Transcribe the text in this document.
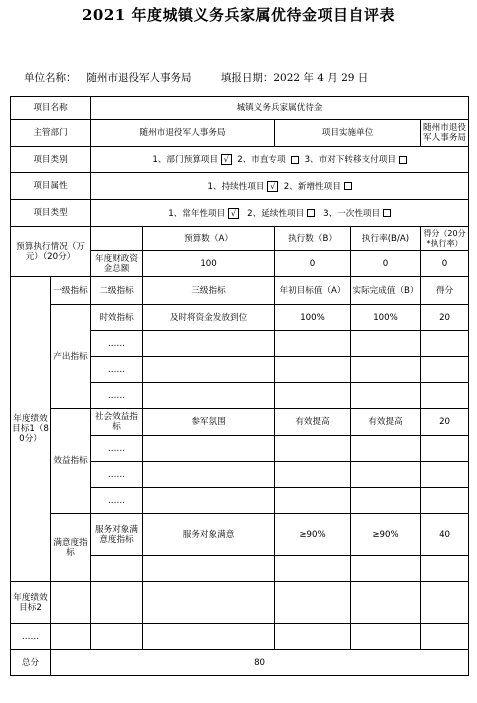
2021 年度城镇义务兵家属优待金项目自评表
单位名称： 随州市退役军人事务局	填报日期：2022 年 4 月 29 日
项目名称		城镇义务兵家属优待金				
主管部门		随州市退役军人事务局		项目实施单位		随州市退役军人事务局
项目类别		1、部门预算项目 √ 2、市直专项 3、市对下转移支付项目				
项目属性		1、持续性项目 √ 2、新增性项目				
项目类型		1、常年性项目 √ 2、延续性项目 3、一次性项目				
预算执行情况（万元）（20分）			预算数（A）	执行数（B）	执行率(B/A)	得分（20分*执行率）
		年度财政资金总额	100	0	0	0
年度绩效目标1（80分）	一级指标	二级指标	三级指标	年初目标值（A）	实际完成值（B）	得分
	产出指标	时效指标	及时将资金发放到位	100%	100%	20
		……				
		……				
		……				
	效益指标	社会效益指标	参军氛围	有效提高	有效提高	20
		……				
		……				
		……				
	满意度指标	服务对象满意度指标	服务对象满意	≥90%	≥90%	40

年度绩效目标2						
……						
总分	80					
